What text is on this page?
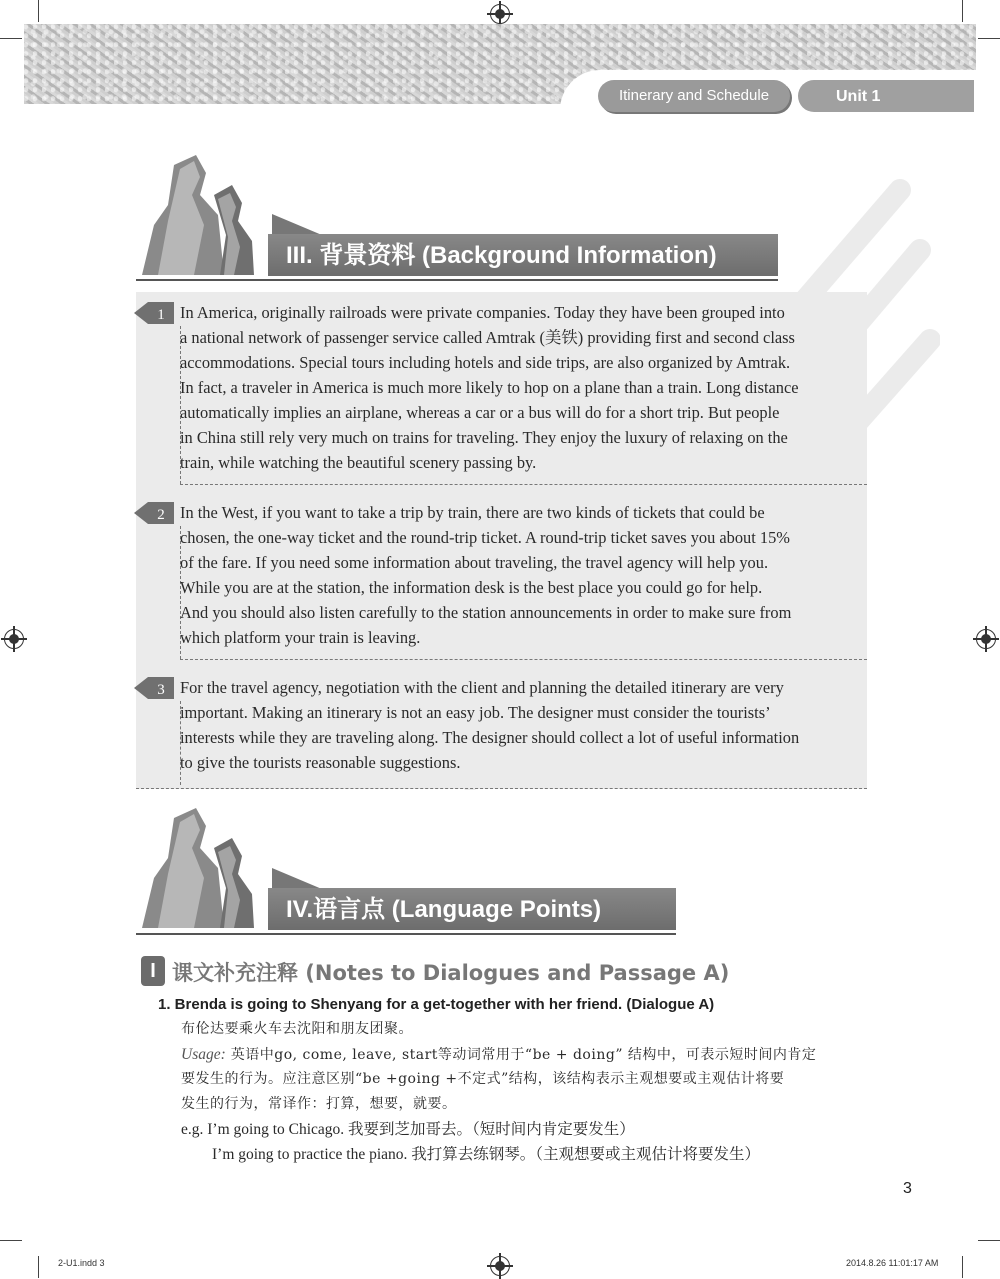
Itinerary and Schedule	Unit 1
III. 背景资料 (Background Information)
1
2
3
In America, originally railroads were private companies. Today they have been grouped into
a national network of passenger service called Amtrak (美铁) providing first and second class
accommodations. Special tours including hotels and side trips, are also organized by Amtrak.
In fact, a traveler in America is much more likely to hop on a plane than a train. Long distance
automatically implies an airplane, whereas a car or a bus will do for a short trip. But people
in China still rely very much on trains for traveling. They enjoy the luxury of relaxing on the
train, while watching the beautiful scenery passing by.
In the West, if you want to take a trip by train, there are two kinds of tickets that could be
chosen, the one-way ticket and the round-trip ticket. A round-trip ticket saves you about 15%
of the fare. If you need some information about traveling, the travel agency will help you.
While you are at the station, the information desk is the best place you could go for help.
And you should also listen carefully to the station announcements in order to make sure from
which platform your train is leaving.
For the travel agency, negotiation with the client and planning the detailed itinerary are very
important. Making an itinerary is not an easy job. The designer must consider the tourists’
interests while they are traveling along. The designer should collect a lot of useful information
to give the tourists reasonable suggestions.
IV.语言点 (Language Points)
I 课文补充注释 (Notes to Dialogues and Passage A)
1. Brenda is going to Shenyang for a get-together with her friend. (Dialogue A)
布伦达要乘火车去沈阳和朋友团聚。
Usage: 英语中go, come, leave, start等动词常用于“be + doing” 结构中，可表示短时间内肯定
要发生的行为。应注意区别“be +going +不定式”结构，该结构表示主观想要或主观估计将要
发生的行为，常译作：打算，想要，就要。
e.g. I’m going to Chicago. 我要到芝加哥去。（短时间内肯定要发生）
I’m going to practice the piano. 我打算去练钢琴。（主观想要或主观估计将要发生）
3
2-U1.indd 3	2014.8.26 11:01:17 AM
